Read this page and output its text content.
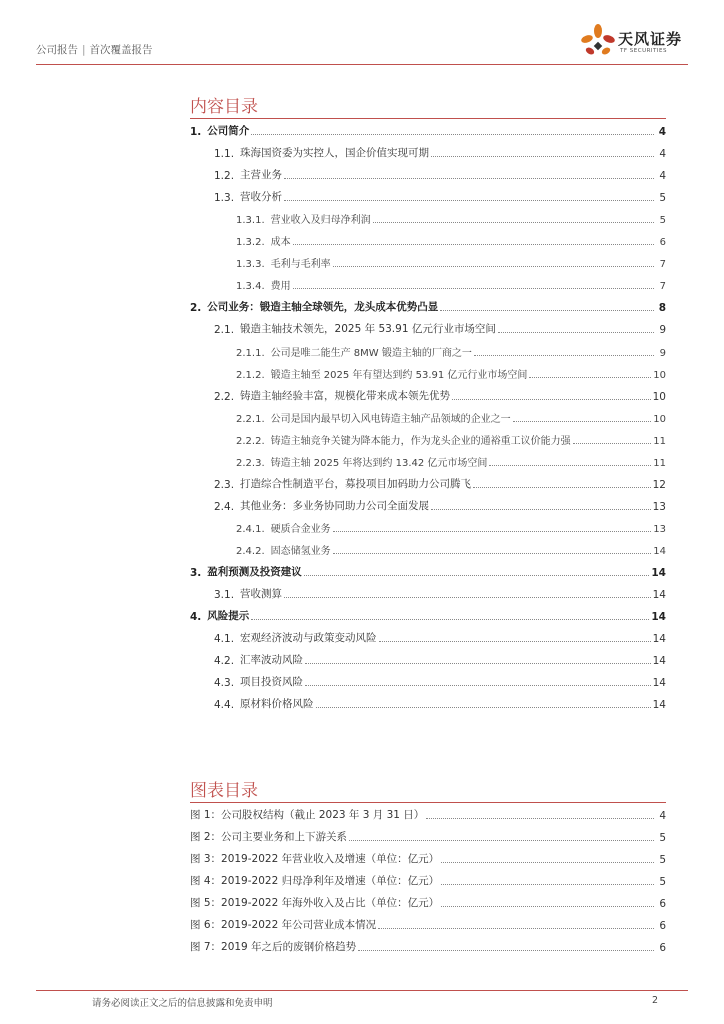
公司报告 | 首次覆盖报告
天风证券
TF SECURITIES
内容目录
1. 公司简介	4
1.1. 珠海国资委为实控人，国企价值实现可期	4
1.2. 主营业务	4
1.3. 营收分析	5
1.3.1. 营业收入及归母净利润	5
1.3.2. 成本	6
1.3.3. 毛利与毛利率	7
1.3.4. 费用	7
2. 公司业务：锻造主轴全球领先，龙头成本优势凸显	8
2.1. 锻造主轴技术领先，2025 年 53.91 亿元行业市场空间	9
2.1.1. 公司是唯二能生产 8MW 锻造主轴的厂商之一	9
2.1.2. 锻造主轴至 2025 年有望达到约 53.91 亿元行业市场空间	10
2.2. 铸造主轴经验丰富，规模化带来成本领先优势	10
2.2.1. 公司是国内最早切入风电铸造主轴产品领域的企业之一	10
2.2.2. 铸造主轴竞争关键为降本能力，作为龙头企业的通裕重工议价能力强	11
2.2.3. 铸造主轴 2025 年将达到约 13.42 亿元市场空间	11
2.3. 打造综合性制造平台，募投项目加码助力公司腾飞	12
2.4. 其他业务：多业务协同助力公司全面发展	13
2.4.1. 硬质合金业务	13
2.4.2. 固态储氢业务	14
3. 盈利预测及投资建议	14
3.1. 营收测算	14
4. 风险提示	14
4.1. 宏观经济波动与政策变动风险	14
4.2. 汇率波动风险	14
4.3. 项目投资风险	14
4.4. 原材料价格风险	14
图表目录
图 1：公司股权结构（截止 2023 年 3 月 31 日）	4
图 2：公司主要业务和上下游关系	5
图 3：2019-2022 年营业收入及增速（单位：亿元）	5
图 4：2019-2022 归母净利年及增速（单位：亿元）	5
图 5：2019-2022 年海外收入及占比（单位：亿元）	6
图 6：2019-2022 年公司营业成本情况	6
图 7：2019 年之后的废钢价格趋势	6
请务必阅读正文之后的信息披露和免责申明	2
